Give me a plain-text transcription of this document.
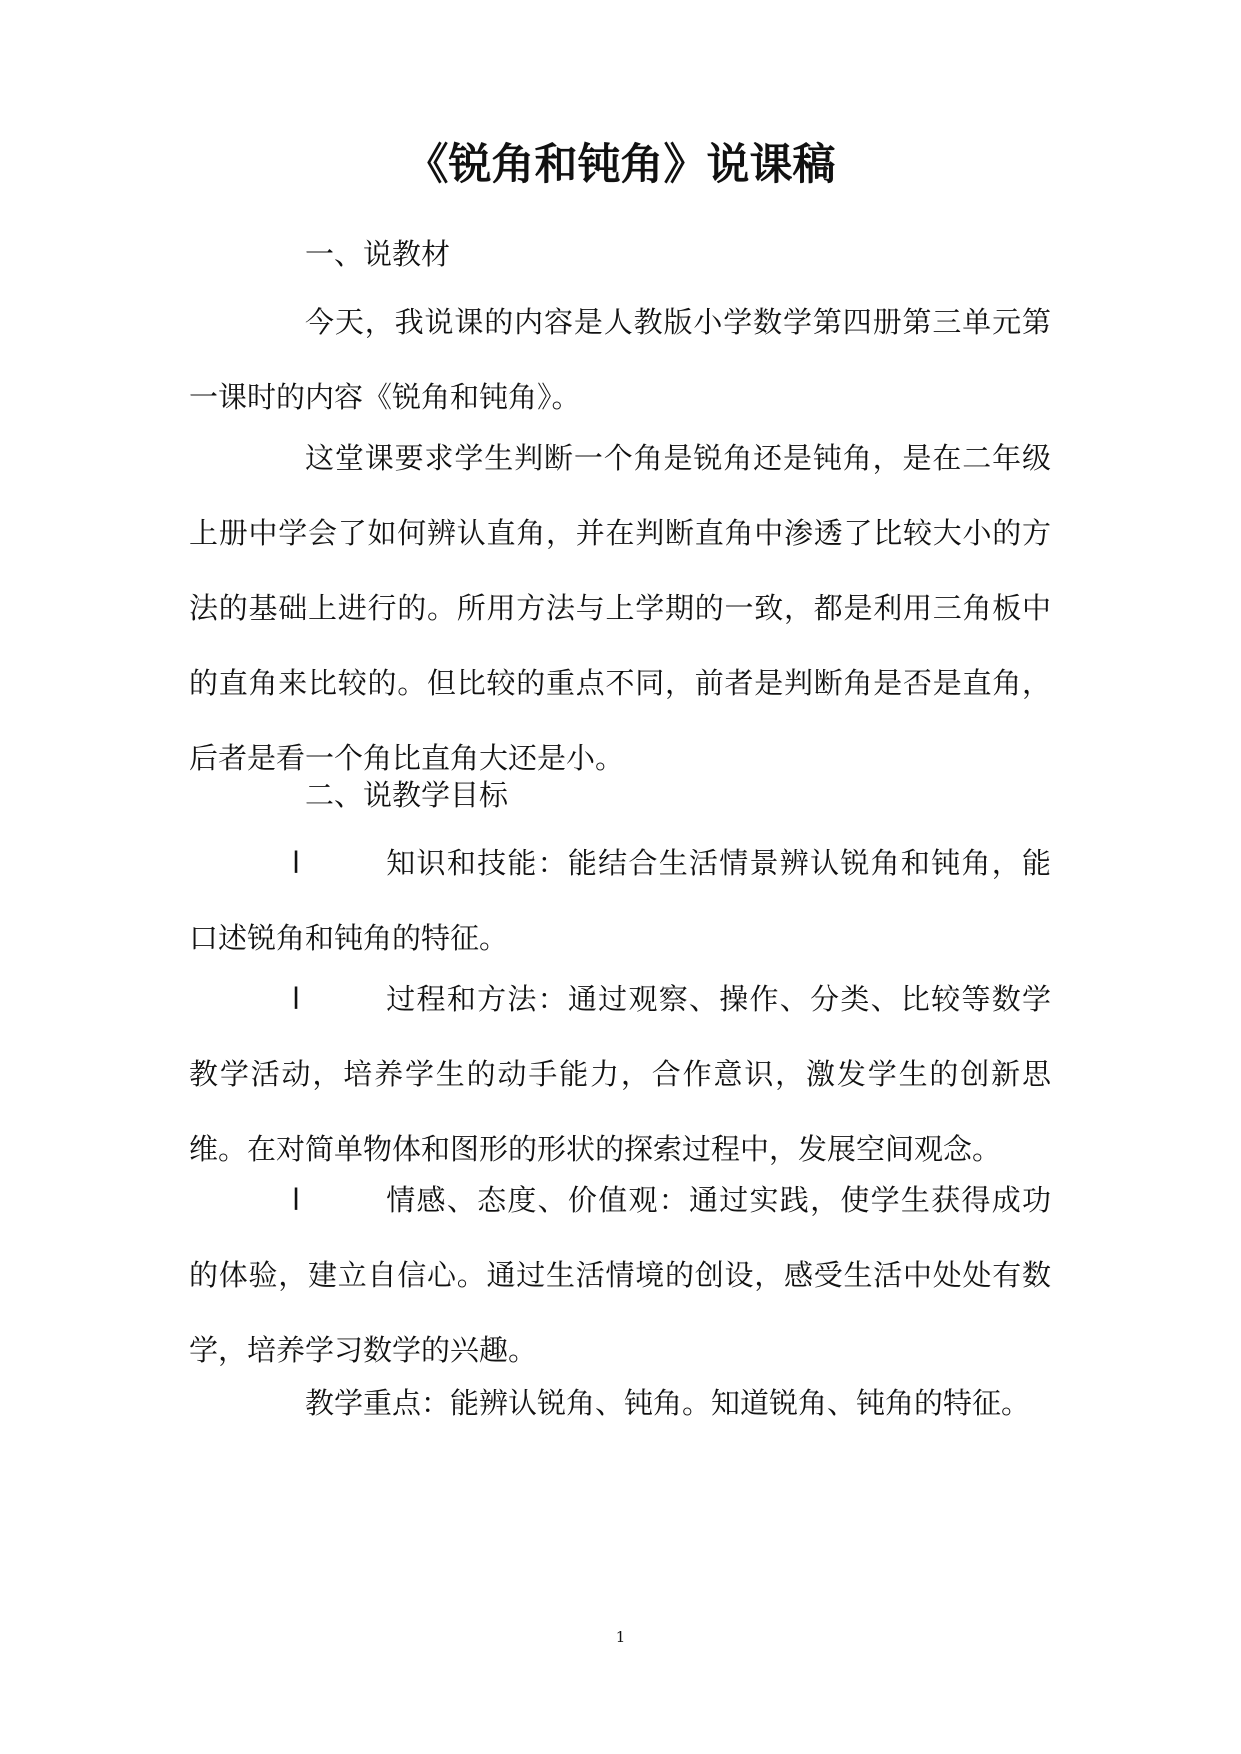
《锐角和钝角》说课稿
一、说教材
今天，我说课的内容是人教版小学数学第四册第三单元第一课时的内容《锐角和钝角》。
这堂课要求学生判断一个角是锐角还是钝角，是在二年级上册中学会了如何辨认直角，并在判断直角中渗透了比较大小的方法的基础上进行的。所用方法与上学期的一致，都是利用三角板中的直角来比较的。但比较的重点不同，前者是判断角是否是直角，后者是看一个角比直角大还是小。
二、说教学目标
l	知识和技能：能结合生活情景辨认锐角和钝角，能口述锐角和钝角的特征。
l	过程和方法：通过观察、操作、分类、比较等数学教学活动，培养学生的动手能力，合作意识，激发学生的创新思维。在对简单物体和图形的形状的探索过程中，发展空间观念。
l	情感、态度、价值观：通过实践，使学生获得成功的体验，建立自信心。通过生活情境的创设，感受生活中处处有数学，培养学习数学的兴趣。
教学重点：能辨认锐角、钝角。知道锐角、钝角的特征。
1
